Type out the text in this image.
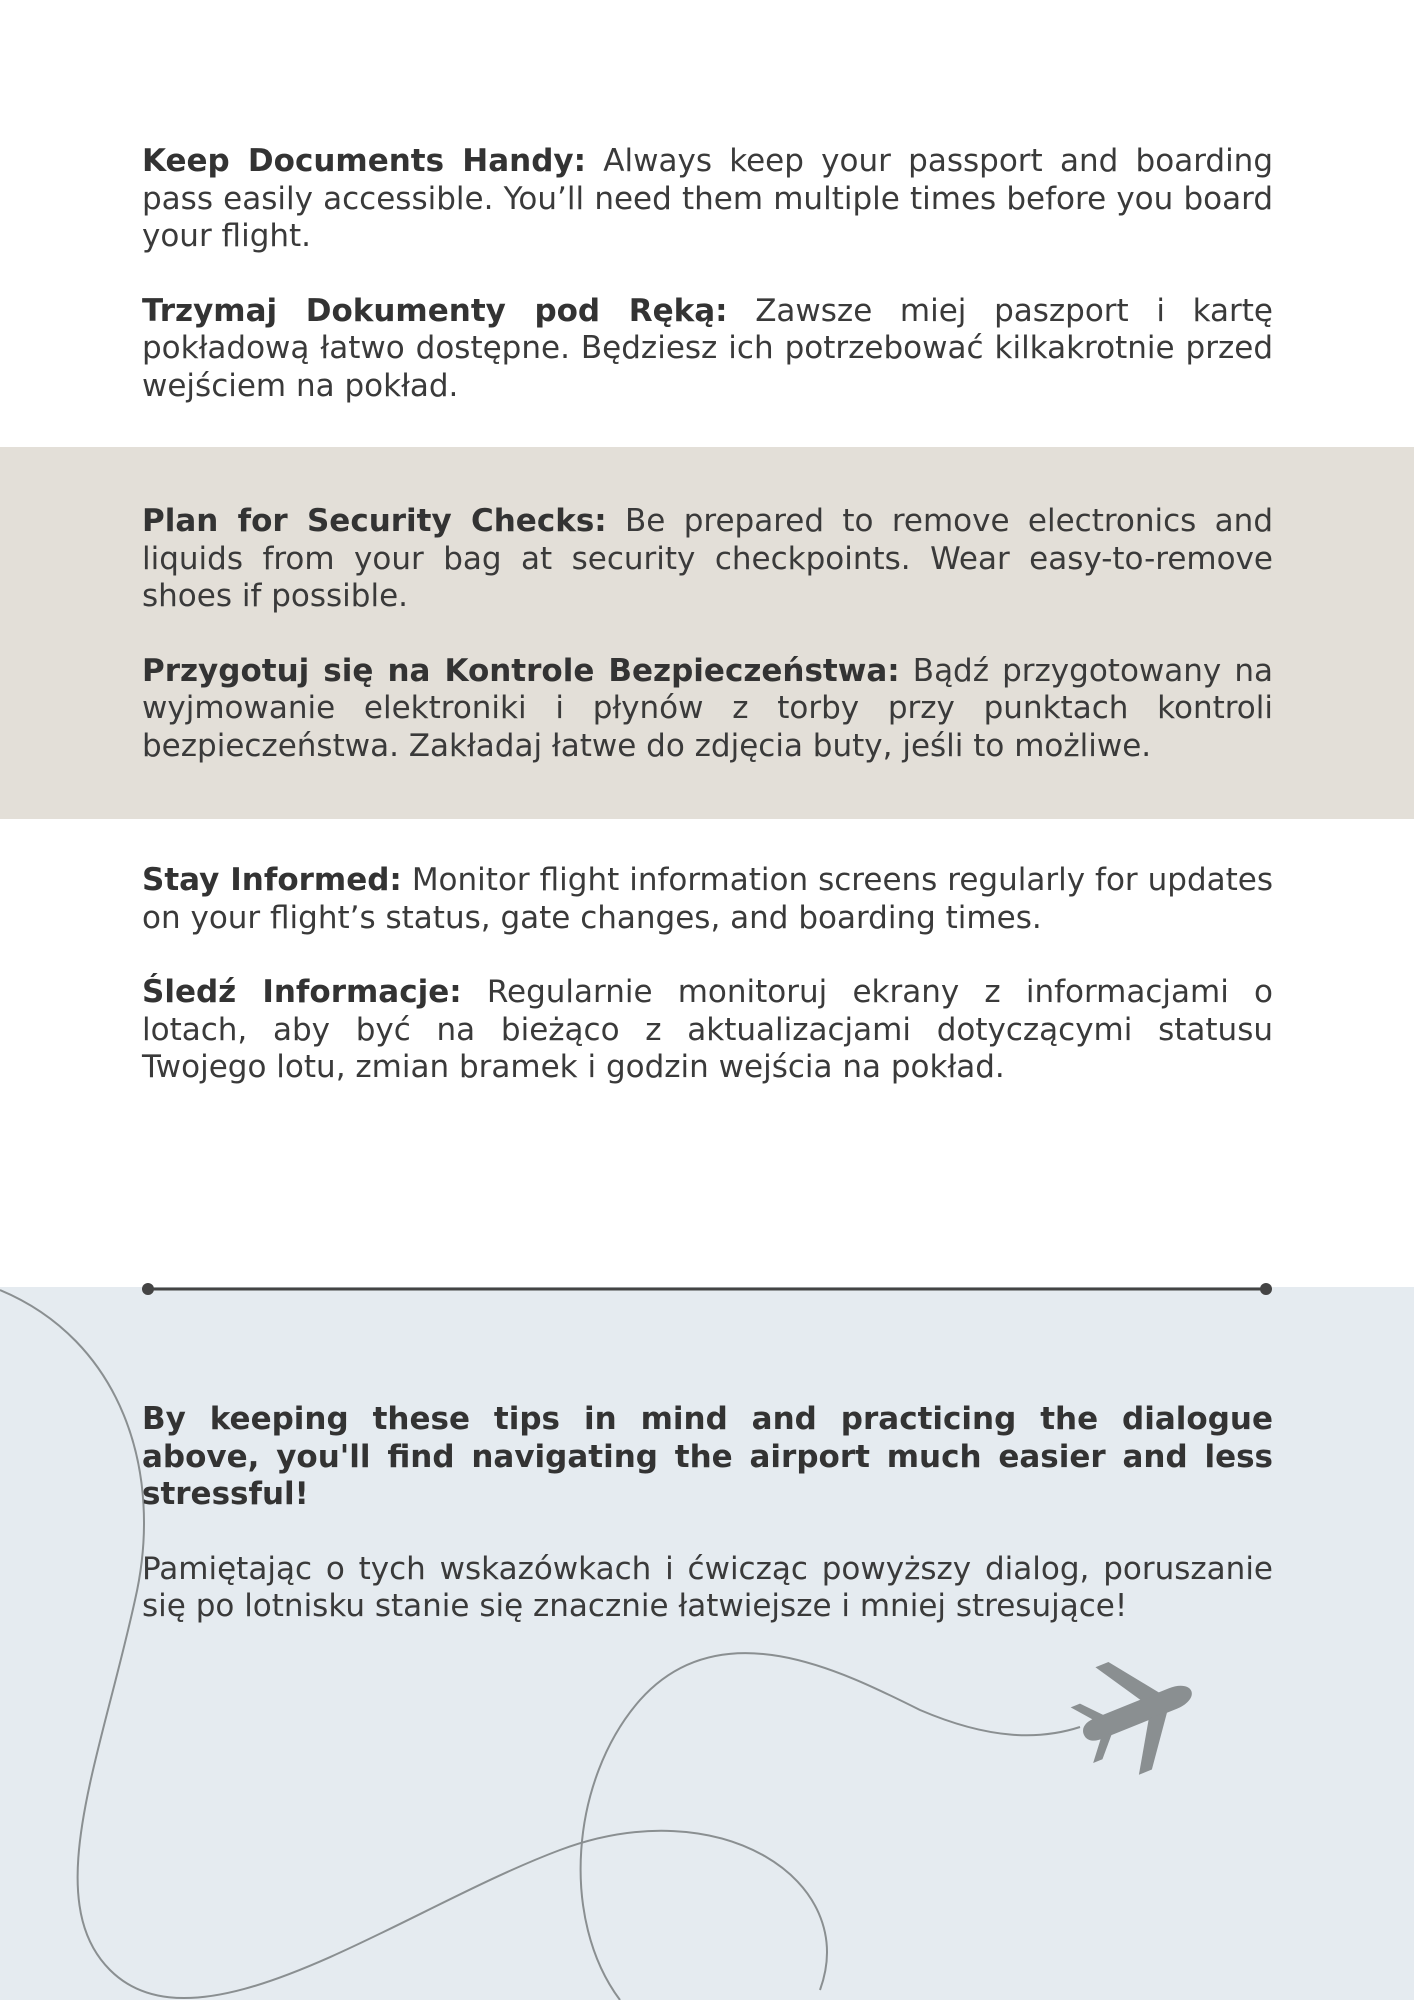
Keep Documents Handy: Always keep your passport and boarding pass easily accessible. You’ll need them multiple times before you board your flight.

Trzymaj Dokumenty pod Ręką: Zawsze miej paszport i kartę pokładową łatwo dostępne. Będziesz ich potrzebować kilkakrotnie przed wejściem na pokład.

Plan for Security Checks: Be prepared to remove electronics and liquids from your bag at security checkpoints. Wear easy-to-remove shoes if possible.

Przygotuj się na Kontrole Bezpieczeństwa: Bądź przygotowany na wyjmowanie elektroniki i płynów z torby przy punktach kontroli bezpieczeństwa. Zakładaj łatwe do zdjęcia buty, jeśli to możliwe.

Stay Informed: Monitor flight information screens regularly for updates on your flight’s status, gate changes, and boarding times.

Śledź Informacje: Regularnie monitoruj ekrany z informacjami o lotach, aby być na bieżąco z aktualizacjami dotyczącymi statusu Twojego lotu, zmian bramek i godzin wejścia na pokład.

By keeping these tips in mind and practicing the dialogue above, you'll find navigating the airport much easier and less stressful!

Pamiętając o tych wskazówkach i ćwicząc powyższy dialog, poruszanie się po lotnisku stanie się znacznie łatwiejsze i mniej stresujące!
